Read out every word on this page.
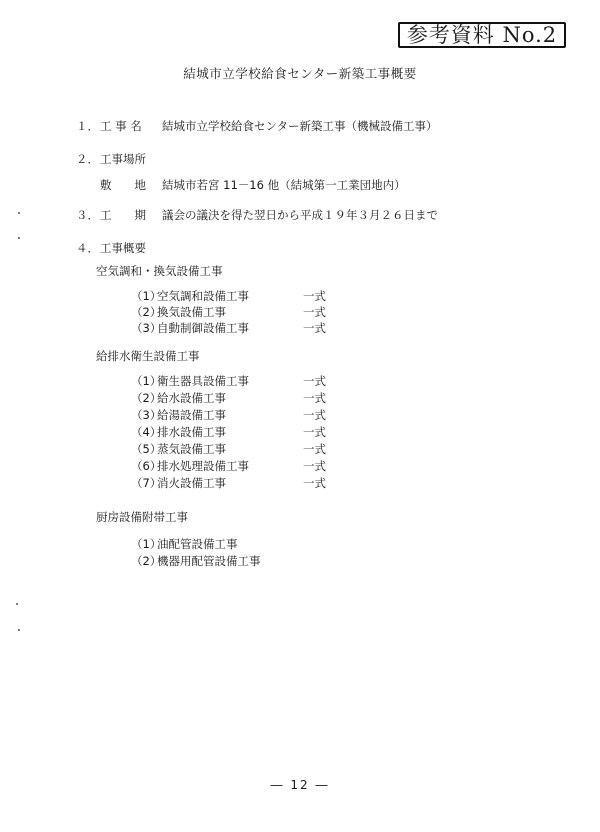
参考資料 No.2
結城市立学校給食センター新築工事概要
１． 工 事 名 結城市立学校給食センター新築工事（機械設備工事）
２． 工事場所
敷　　地 結城市若宮 11－16 他（結城第一工業団地内）
３． 工　　期 議会の議決を得た翌日から平成１９年３月２６日まで
４． 工事概要
空気調和・換気設備工事
（1）空気調和設備工事	一式
（2）換気設備工事	一式
（3）自動制御設備工事	一式
給排水衛生設備工事
（1）衛生器具設備工事	一式
（2）給水設備工事	一式
（3）給湯設備工事	一式
（4）排水設備工事	一式
（5）蒸気設備工事	一式
（6）排水処理設備工事	一式
（7）消火設備工事	一式
厨房設備附帯工事
（1）油配管設備工事
（2）機器用配管設備工事
― 12 ―
